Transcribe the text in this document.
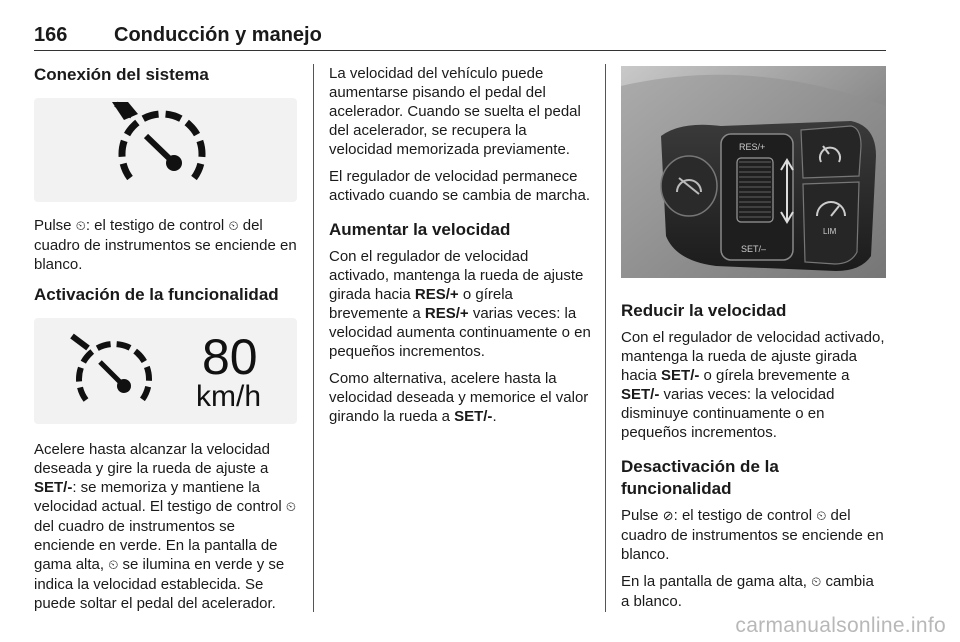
166 Conducción y manejo
Conexión del sistema

Pulse ⏲: el testigo de control ⏲ del cuadro de instrumentos se enciende en blanco.

Activación de la funcionalidad
80
km/h

Acelere hasta alcanzar la velocidad deseada y gire la rueda de ajuste a SET/-: se memoriza y mantiene la velocidad actual. El testigo de control ⏲ del cuadro de instrumentos se enciende en verde. En la pantalla de gama alta, ⏲ se ilumina en verde y se indica la velocidad establecida. Se puede soltar el pedal del acelerador.

La velocidad del vehículo puede aumentarse pisando el pedal del acelerador. Cuando se suelta el pedal del acelerador, se recupera la velocidad memorizada previamente.

El regulador de velocidad permanece activado cuando se cambia de marcha.

Aumentar la velocidad

Con el regulador de velocidad activado, mantenga la rueda de ajuste girada hacia RES/+ o gírela brevemente a RES/+ varias veces: la velocidad aumenta continuamente o en pequeños incrementos.

Como alternativa, acelere hasta la velocidad deseada y memorice el valor girando la rueda a SET/-.

RES/+
SET/–
LIM
Reducir la velocidad

Con el regulador de velocidad activado, mantenga la rueda de ajuste girada hacia SET/- o gírela brevemente a SET/- varias veces: la velocidad disminuye continuamente o en pequeños incrementos.

Desactivación de la funcionalidad

Pulse ⊘: el testigo de control ⏲ del cuadro de instrumentos se enciende en blanco.

En la pantalla de gama alta, ⏲ cambia a blanco.

carmanualsonline.info
